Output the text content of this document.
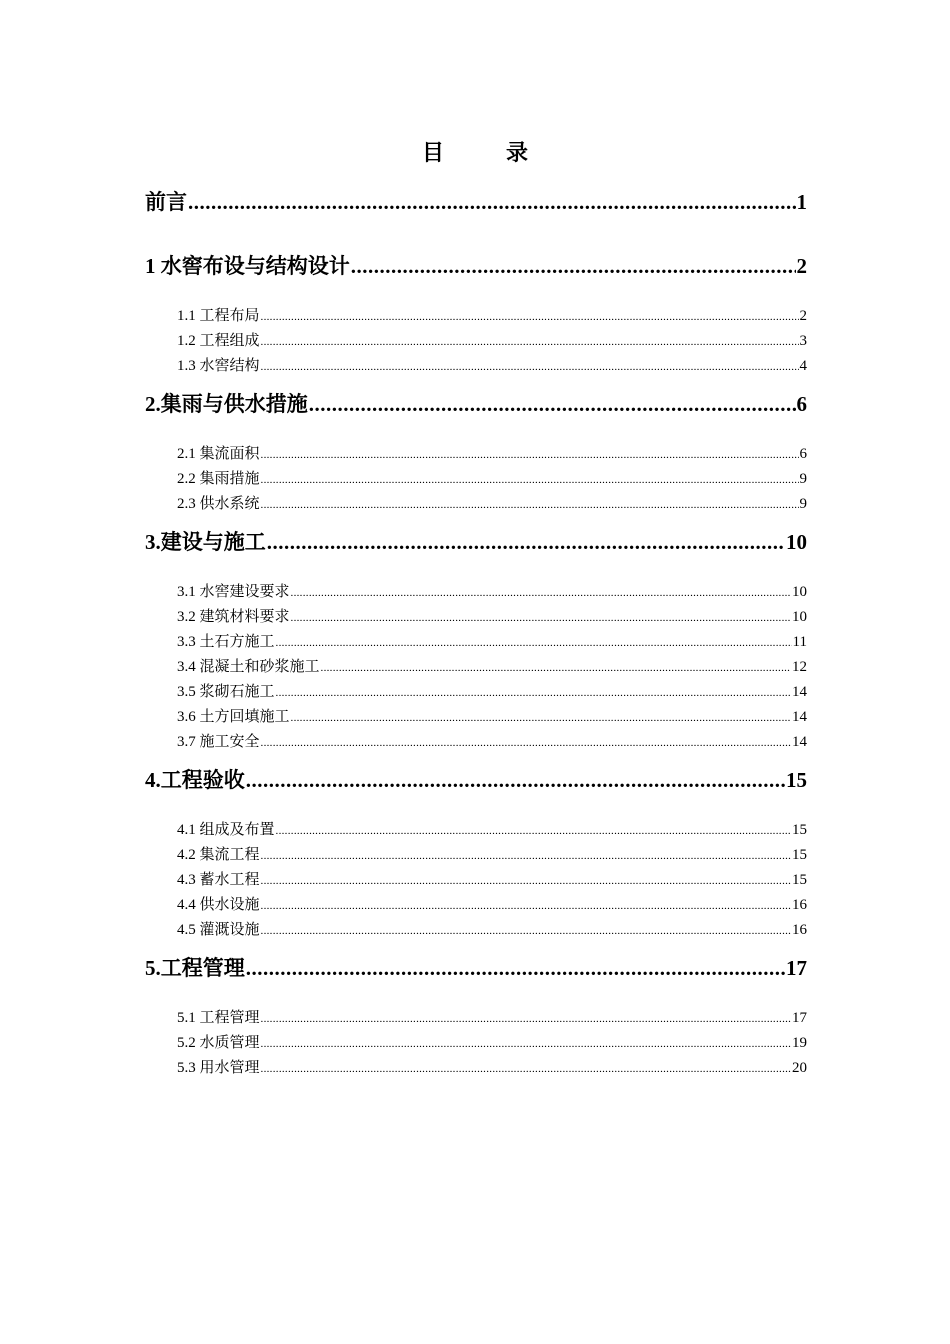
目　录
前言 .....	1
1 水窖布设与结构设计 .....	2
1.1 工程布局 .....	2
1.2 工程组成 .....	3
1.3 水窖结构 .....	4
2.集雨与供水措施 .....	6
2.1 集流面积 .....	6
2.2 集雨措施 .....	9
2.3 供水系统 .....	9
3.建设与施工 .....	10
3.1 水窖建设要求 .....	10
3.2 建筑材料要求 .....	10
3.3 土石方施工 .....	11
3.4 混凝土和砂浆施工 .....	12
3.5 浆砌石施工 .....	14
3.6 土方回填施工 .....	14
3.7 施工安全 .....	14
4.工程验收 .....	15
4.1 组成及布置 .....	15
4.2 集流工程 .....	15
4.3 蓄水工程 .....	15
4.4 供水设施 .....	16
4.5 灌溉设施 .....	16
5.工程管理 .....	17
5.1 工程管理 .....	17
5.2 水质管理 .....	19
5.3 用水管理 .....	20
